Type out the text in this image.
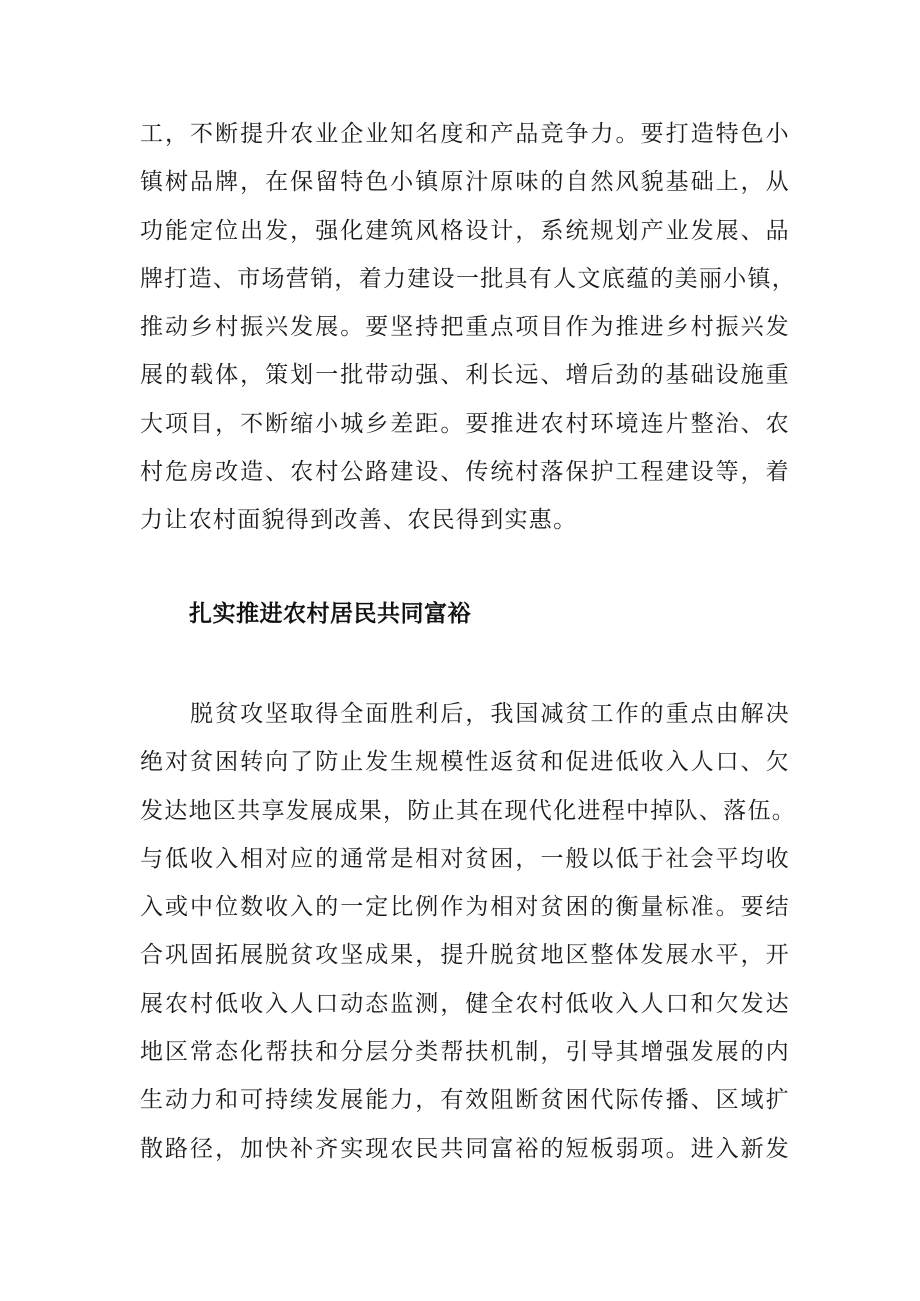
工，不断提升农业企业知名度和产品竞争力。要打造特色小
镇树品牌，在保留特色小镇原汁原味的自然风貌基础上，从
功能定位出发，强化建筑风格设计，系统规划产业发展、品
牌打造、市场营销，着力建设一批具有人文底蕴的美丽小镇，
推动乡村振兴发展。要坚持把重点项目作为推进乡村振兴发
展的载体，策划一批带动强、利长远、增后劲的基础设施重
大项目，不断缩小城乡差距。要推进农村环境连片整治、农
村危房改造、农村公路建设、传统村落保护工程建设等，着
力让农村面貌得到改善、农民得到实惠。
扎实推进农村居民共同富裕
　　脱贫攻坚取得全面胜利后，我国减贫工作的重点由解决
绝对贫困转向了防止发生规模性返贫和促进低收入人口、欠
发达地区共享发展成果，防止其在现代化进程中掉队、落伍。
与低收入相对应的通常是相对贫困，一般以低于社会平均收
入或中位数收入的一定比例作为相对贫困的衡量标准。要结
合巩固拓展脱贫攻坚成果，提升脱贫地区整体发展水平，开
展农村低收入人口动态监测，健全农村低收入人口和欠发达
地区常态化帮扶和分层分类帮扶机制，引导其增强发展的内
生动力和可持续发展能力，有效阻断贫困代际传播、区域扩
散路径，加快补齐实现农民共同富裕的短板弱项。进入新发
